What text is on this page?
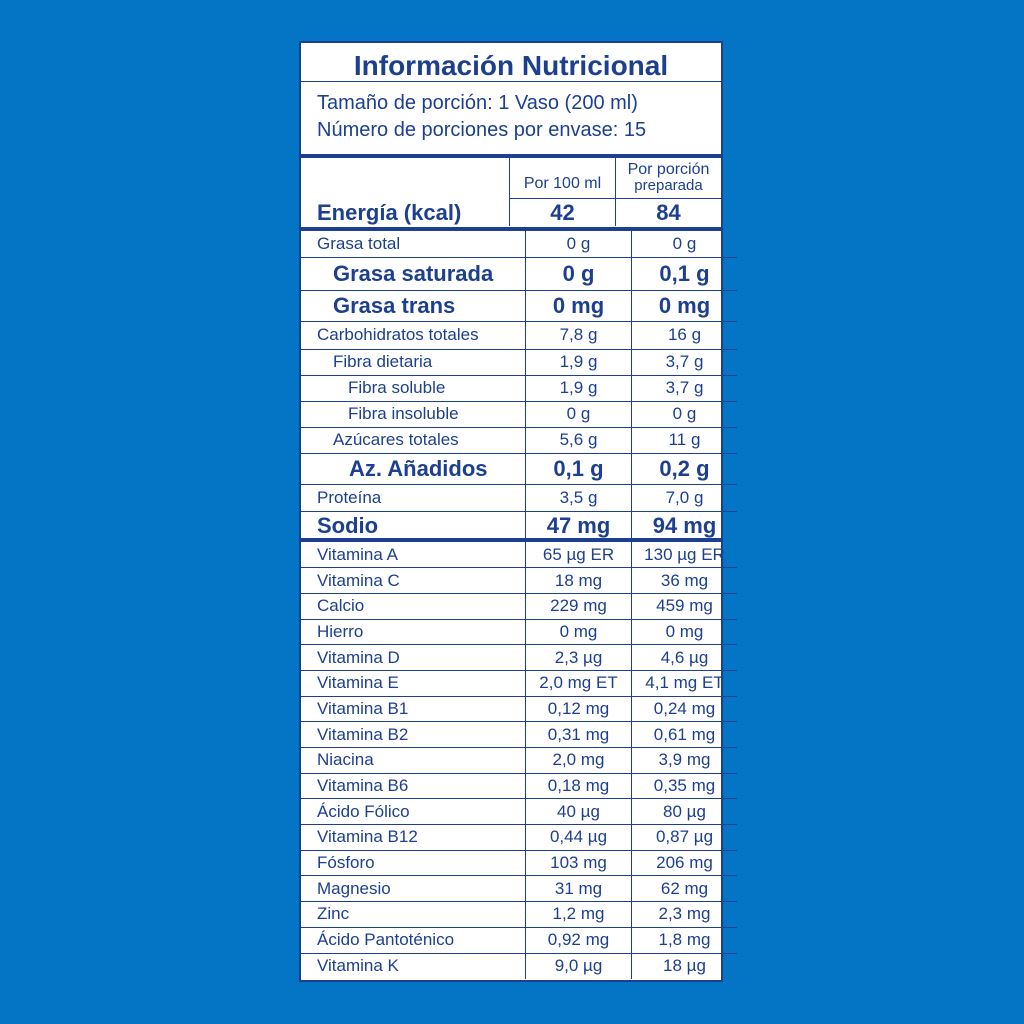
Información Nutricional
Tamaño de porción: 1 Vaso (200 ml)
Número de porciones por envase: 15
Por 100 ml
Por porción
preparada
Energía (kcal)	42	84
Grasa total	0 g	0 g
Grasa saturada	0 g	0,1 g
Grasa trans	0 mg	0 mg
Carbohidratos totales	7,8 g	16 g
Fibra dietaria	1,9 g	3,7 g
Fibra soluble	1,9 g	3,7 g
Fibra insoluble	0 g	0 g
Azúcares totales	5,6 g	11 g
Az. Añadidos	0,1 g	0,2 g
Proteína	3,5 g	7,0 g
Sodio	47 mg	94 mg
Vitamina A	65 µg ER	130 µg ER
Vitamina C	18 mg	36 mg
Calcio	229 mg	459 mg
Hierro	0 mg	0 mg
Vitamina D	2,3 µg	4,6 µg
Vitamina E	2,0 mg ET	4,1 mg ET
Vitamina B1	0,12 mg	0,24 mg
Vitamina B2	0,31 mg	0,61 mg
Niacina	2,0 mg	3,9 mg
Vitamina B6	0,18 mg	0,35 mg
Ácido Fólico	40 µg	80 µg
Vitamina B12	0,44 µg	0,87 µg
Fósforo	103 mg	206 mg
Magnesio	31 mg	62 mg
Zinc	1,2 mg	2,3 mg
Ácido Pantoténico	0,92 mg	1,8 mg
Vitamina K	9,0 µg	18 µg
